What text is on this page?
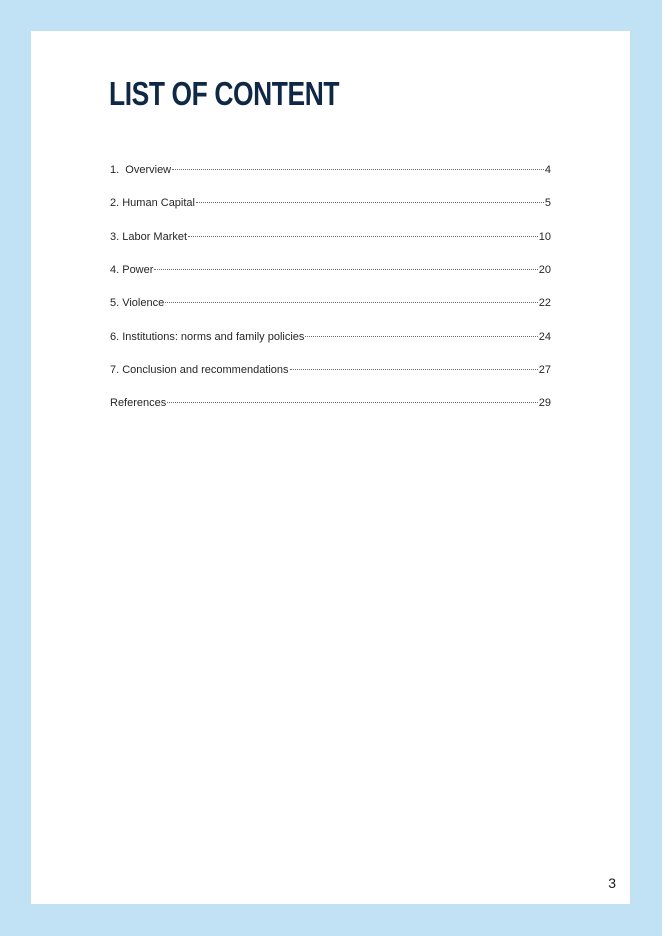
LIST OF CONTENT
1.  Overview	4
2. Human Capital	5
3. Labor Market	10
4. Power	20
5. Violence	22
6. Institutions: norms and family policies	24
7. Conclusion and recommendations	27
References	29
3
